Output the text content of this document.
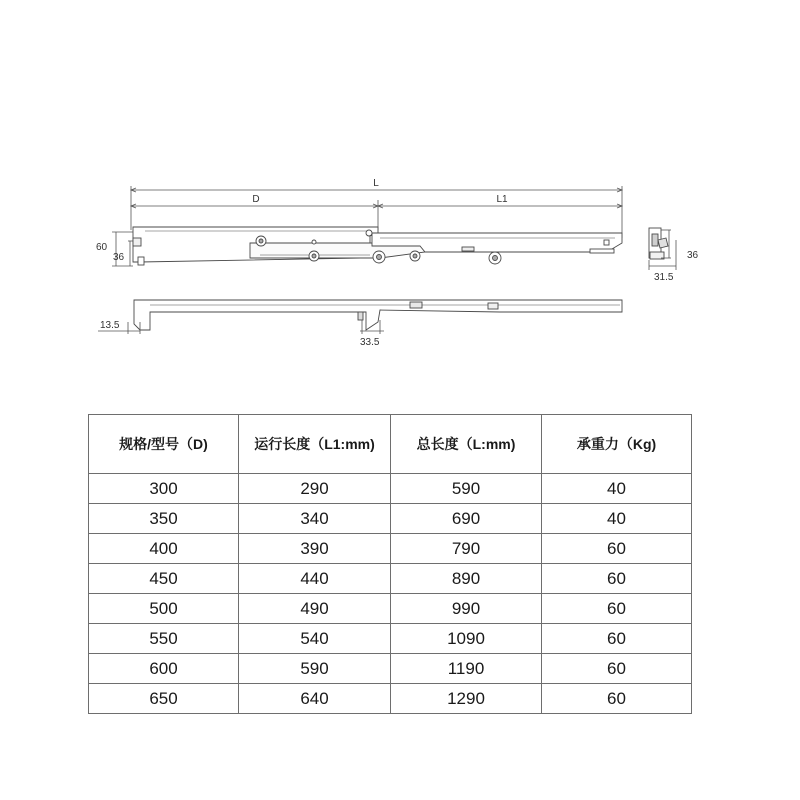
L
D	L1
60
36	36
31.5
13.5
33.5
规格/型号（D)	运行长度（L1:mm)	总长度（L:mm)	承重力（Kg)
300	290	590	40
350	340	690	40
400	390	790	60
450	440	890	60
500	490	990	60
550	540	1090	60
600	590	1190	60
650	640	1290	60
